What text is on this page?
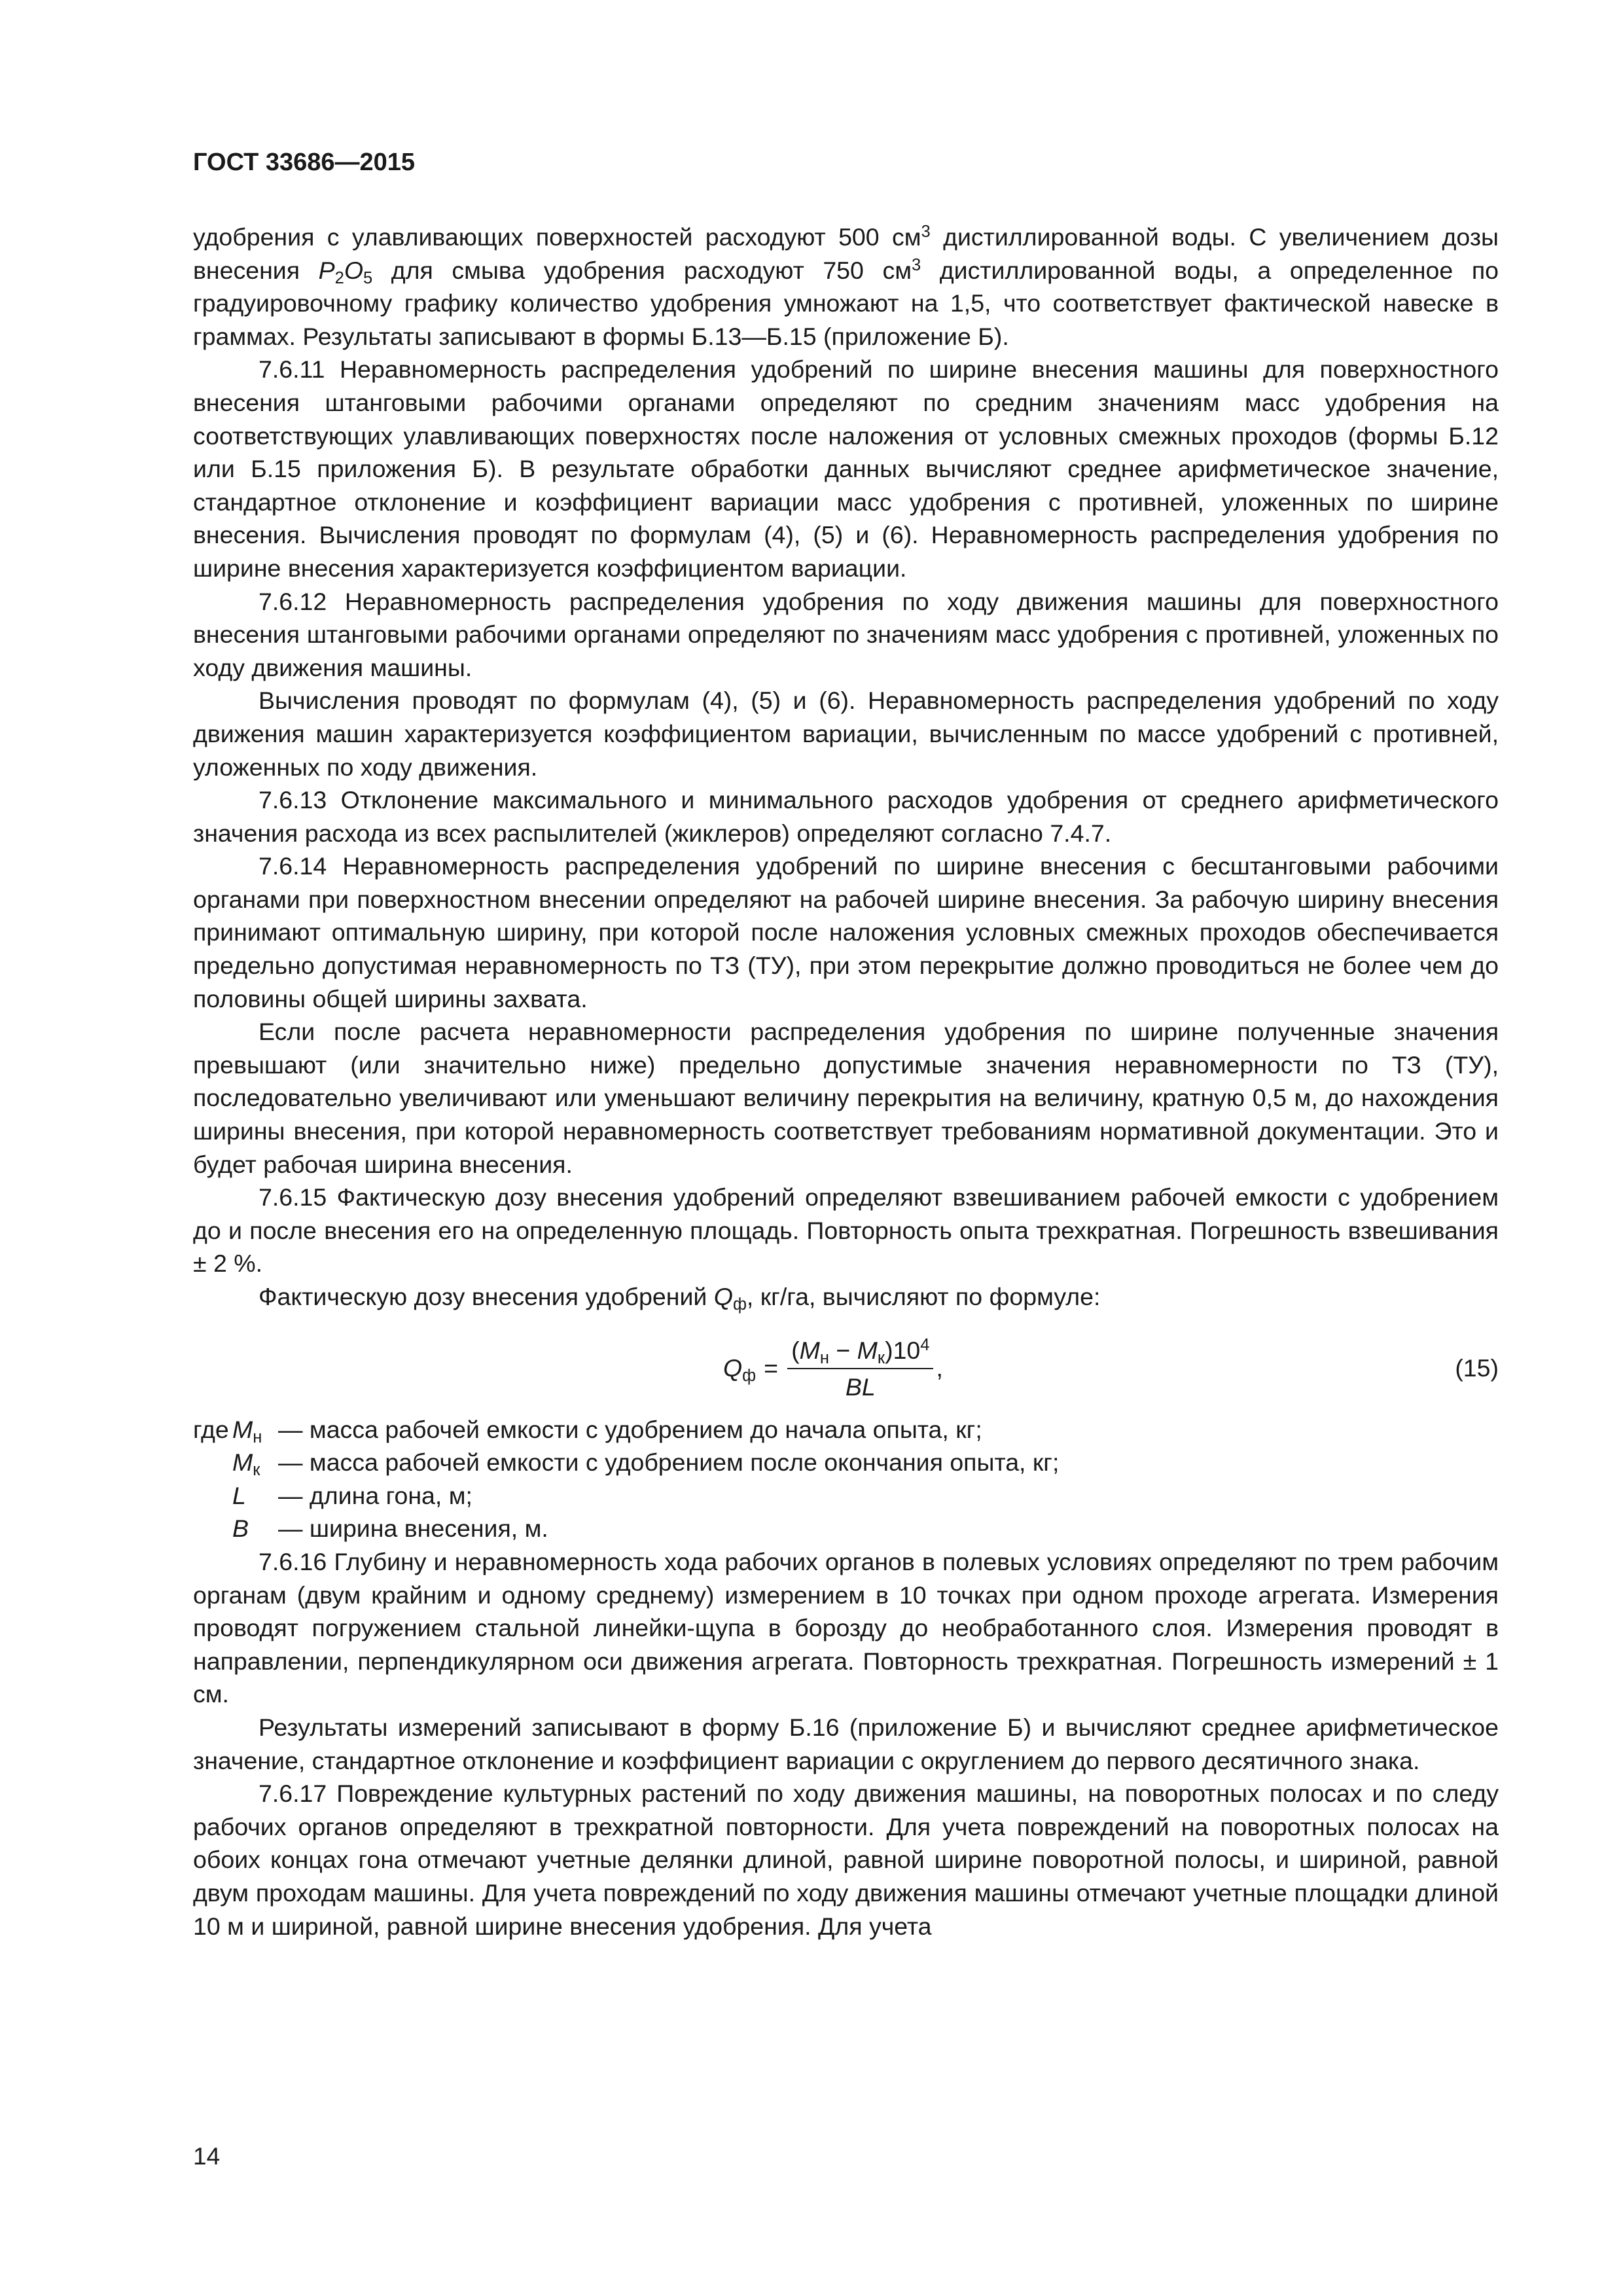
ГОСТ 33686—2015

удобрения с улавливающих поверхностей расходуют 500 $см^3$ дистиллированной воды. С увеличением дозы внесения $P_2O_5$ для смыва удобрения расходуют 750 $см^3$ дистиллированной воды, а определенное по градуировочному графику количество удобрения умножают на 1,5, что соответствует фактической навеске в граммах. Результаты записывают в формы Б.13—Б.15 (приложение Б).

7.6.11 Неравномерность распределения удобрений по ширине внесения машины для поверхностного внесения штанговыми рабочими органами определяют по средним значениям масс удобрения на соответствующих улавливающих поверхностях после наложения от условных смежных проходов (формы Б.12 или Б.15 приложения Б). В результате обработки данных вычисляют среднее арифметическое значение, стандартное отклонение и коэффициент вариации масс удобрения с противней, уложенных по ширине внесения. Вычисления проводят по формулам (4), (5) и (6). Неравномерность распределения удобрения по ширине внесения характеризуется коэффициентом вариации.

7.6.12 Неравномерность распределения удобрения по ходу движения машины для поверхностного внесения штанговыми рабочими органами определяют по значениям масс удобрения с противней, уложенных по ходу движения машины.

Вычисления проводят по формулам (4), (5) и (6). Неравномерность распределения удобрений по ходу движения машин характеризуется коэффициентом вариации, вычисленным по массе удобрений с противней, уложенных по ходу движения.

7.6.13 Отклонение максимального и минимального расходов удобрения от среднего арифметического значения расхода из всех распылителей (жиклеров) определяют согласно 7.4.7.

7.6.14 Неравномерность распределения удобрений по ширине внесения с бесштанговыми рабочими органами при поверхностном внесении определяют на рабочей ширине внесения. За рабочую ширину внесения принимают оптимальную ширину, при которой после наложения условных смежных проходов обеспечивается предельно допустимая неравномерность по ТЗ (ТУ), при этом перекрытие должно проводиться не более чем до половины общей ширины захвата.

Если после расчета неравномерности распределения удобрения по ширине полученные значения превышают (или значительно ниже) предельно допустимые значения неравномерности по ТЗ (ТУ), последовательно увеличивают или уменьшают величину перекрытия на величину, кратную 0,5 м, до нахождения ширины внесения, при которой неравномерность соответствует требованиям нормативной документации. Это и будет рабочая ширина внесения.

7.6.15 Фактическую дозу внесения удобрений определяют взвешиванием рабочей емкости с удобрением до и после внесения его на определенную площадь. Повторность опыта трехкратная. Погрешность взвешивания ± 2 %.

Фактическую дозу внесения удобрений $Q_ф$, кг/га, вычисляют по формуле:

$Q_ф = \frac{(M_н - M_к)10^4}{BL}$ ,	(15)
где $M_н$ — масса рабочей емкости с удобрением до начала опыта, кг;
$M_к$ — масса рабочей емкости с удобрением после окончания опыта, кг;
L	— длина гона, м;
B	— ширина внесения, м.

7.6.16 Глубину и неравномерность хода рабочих органов в полевых условиях определяют по трем рабочим органам (двум крайним и одному среднему) измерением в 10 точках при одном проходе агрегата. Измерения проводят погружением стальной линейки-щупа в борозду до необработанного слоя. Измерения проводят в направлении, перпендикулярном оси движения агрегата. Повторность трехкратная. Погрешность измерений ± 1 см.

Результаты измерений записывают в форму Б.16 (приложение Б) и вычисляют среднее арифметическое значение, стандартное отклонение и коэффициент вариации с округлением до первого десятичного знака.

7.6.17 Повреждение культурных растений по ходу движения машины, на поворотных полосах и по следу рабочих органов определяют в трехкратной повторности. Для учета повреждений на поворотных полосах на обоих концах гона отмечают учетные делянки длиной, равной ширине поворотной полосы, и шириной, равной двум проходам машины. Для учета повреждений по ходу движения машины отмечают учетные площадки длиной 10 м и шириной, равной ширине внесения удобрения. Для учета

14
